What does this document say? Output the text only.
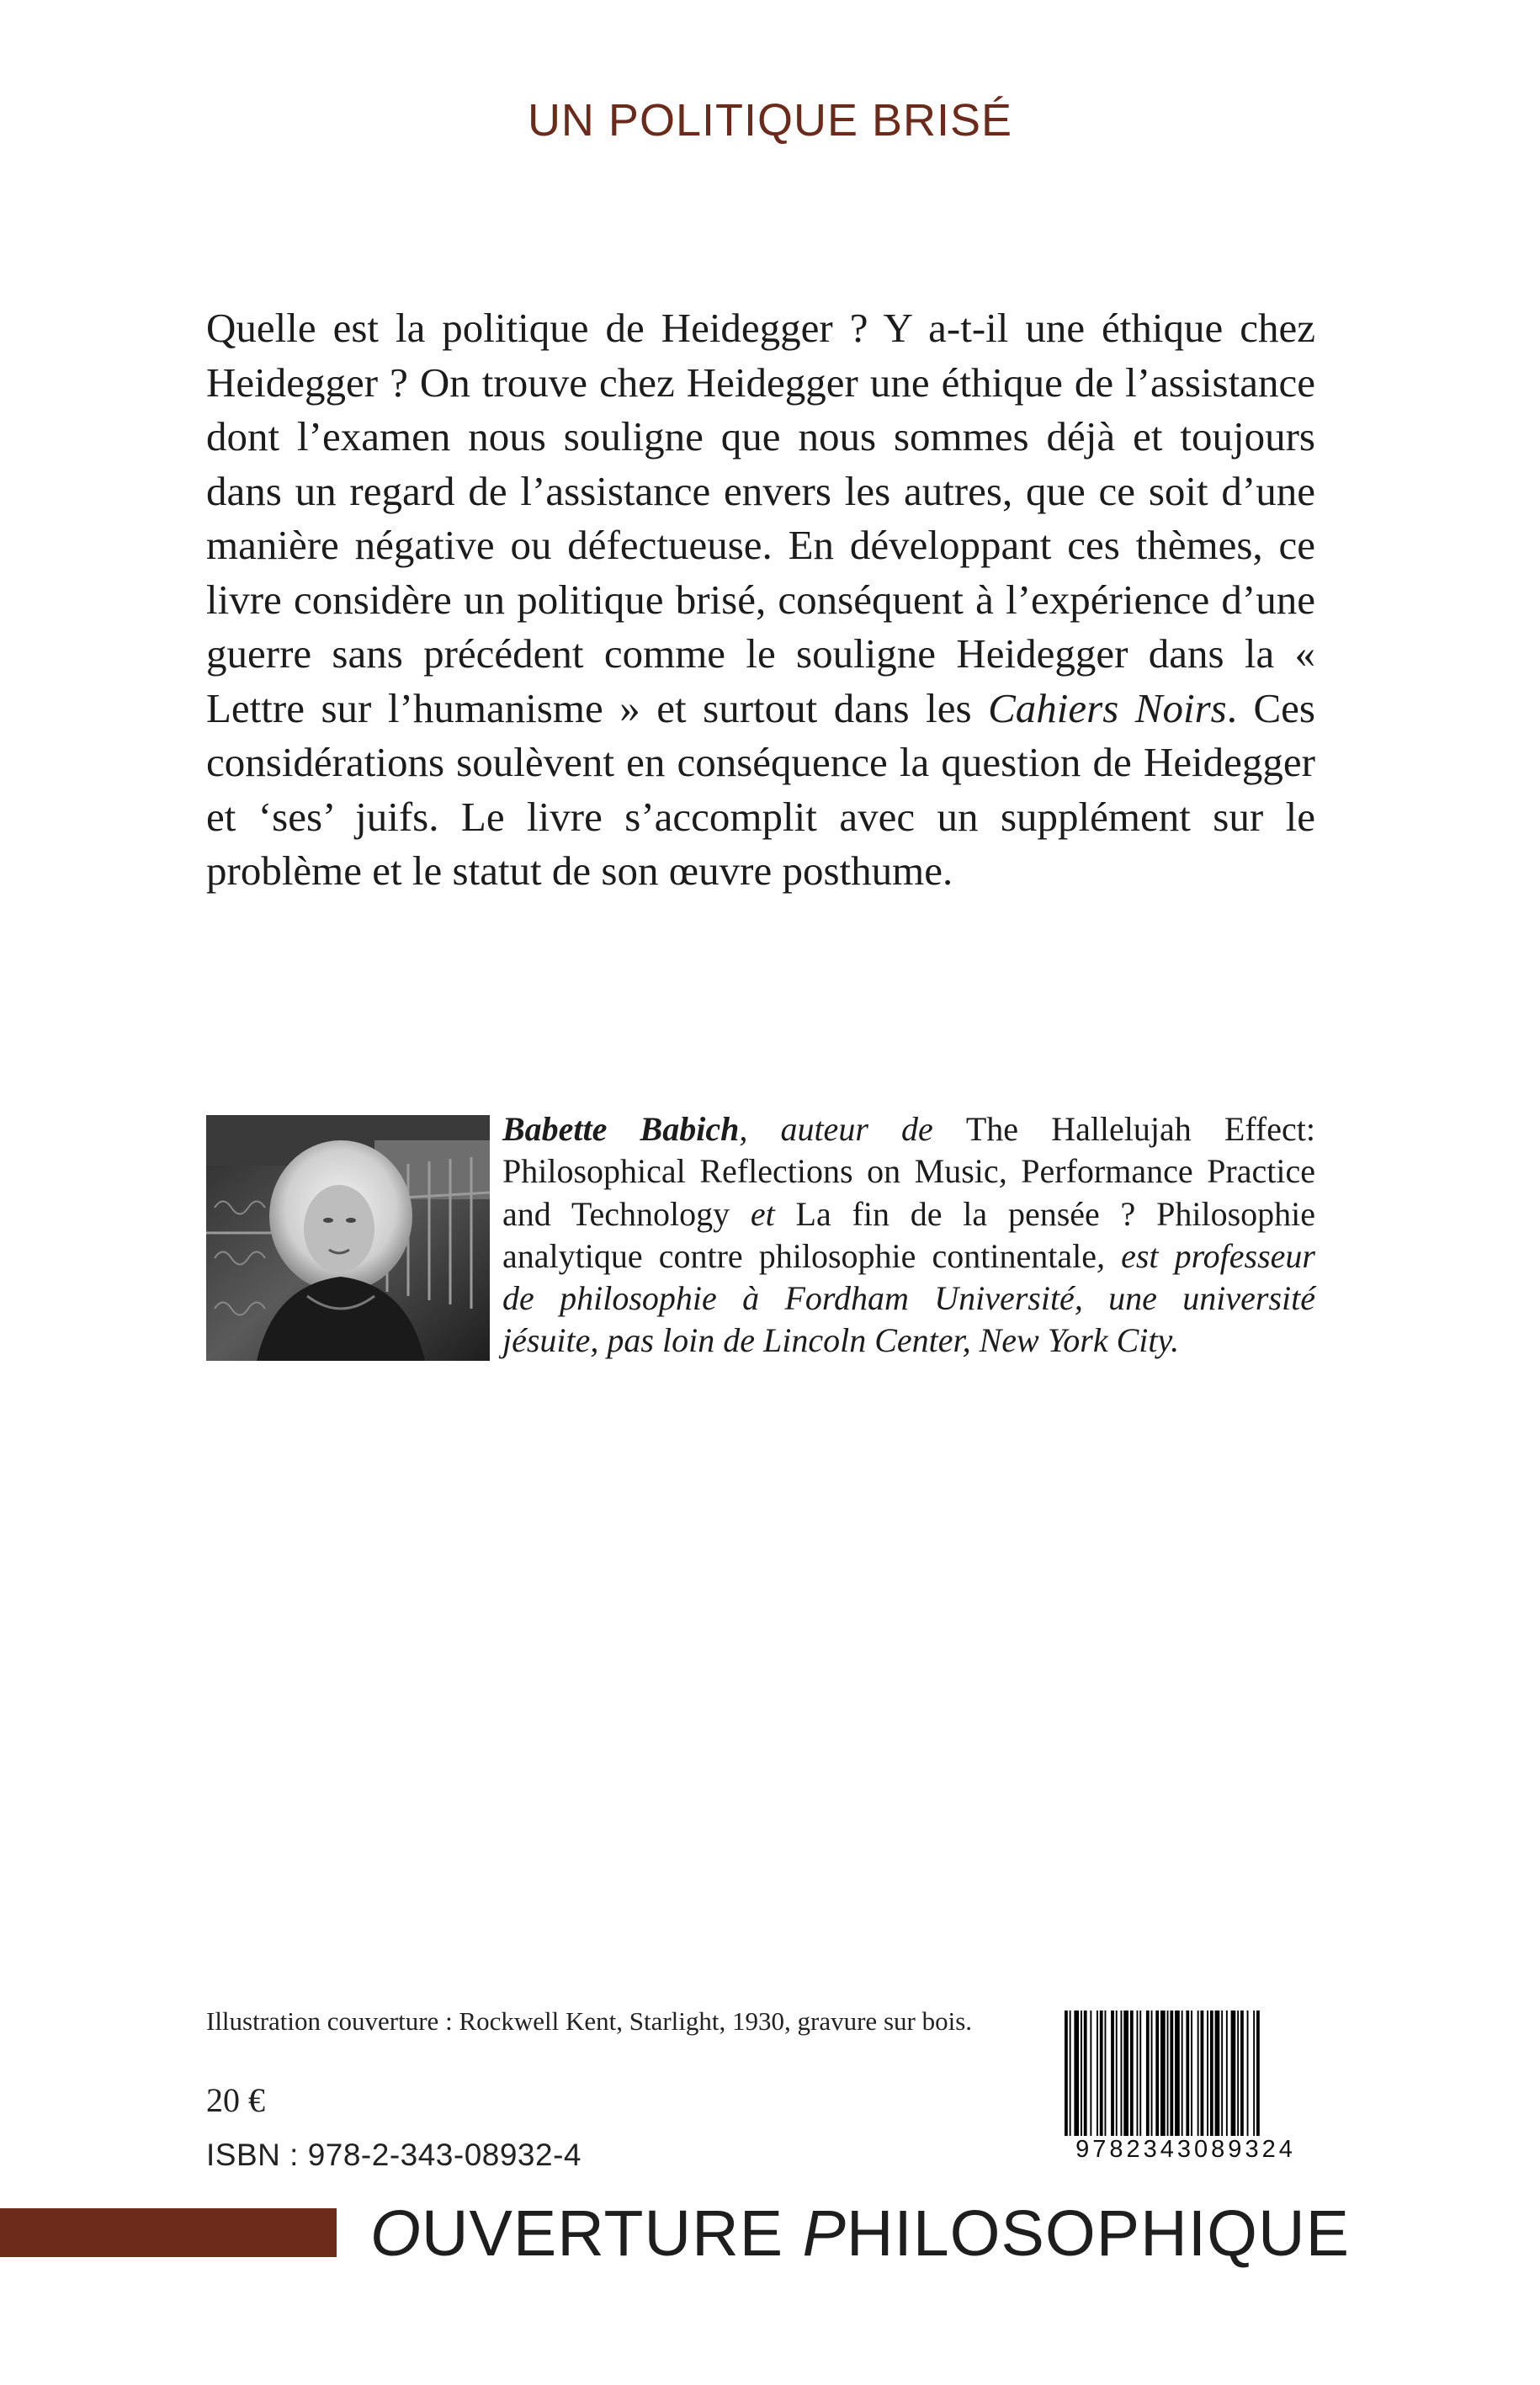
UN POLITIQUE BRISÉ

Quelle est la politique de Heidegger ? Y a-t-il une éthique chez Heidegger ? On trouve chez Heidegger une éthique de l’assistance dont l’examen nous souligne que nous sommes déjà et toujours dans un regard de l’assistance envers les autres, que ce soit d’une manière négative ou défectueuse. En développant ces thèmes, ce livre considère un politique brisé, conséquent à l’expérience d’une guerre sans précédent comme le souligne Heidegger dans la « Lettre sur l’humanisme » et surtout dans les Cahiers Noirs. Ces considérations soulèvent en conséquence la question de Heidegger et ‘ses’ juifs. Le livre s’accomplit avec un supplément sur le problème et le statut de son œuvre posthume.

Babette Babich, auteur de The Hallelujah Effect: Philosophical Reflections on Music, Performance Practice and Technology et La fin de la pensée ? Philosophie analytique contre philosophie continentale, est professeur de philosophie à Fordham Université, une université jésuite, pas loin de Lincoln Center, New York City.

Illustration couverture : Rockwell Kent, Starlight, 1930, gravure sur bois.
20 €
ISBN : 978-2-343-08932-4	9782343089324
OUVERTURE PHILOSOPHIQUE
